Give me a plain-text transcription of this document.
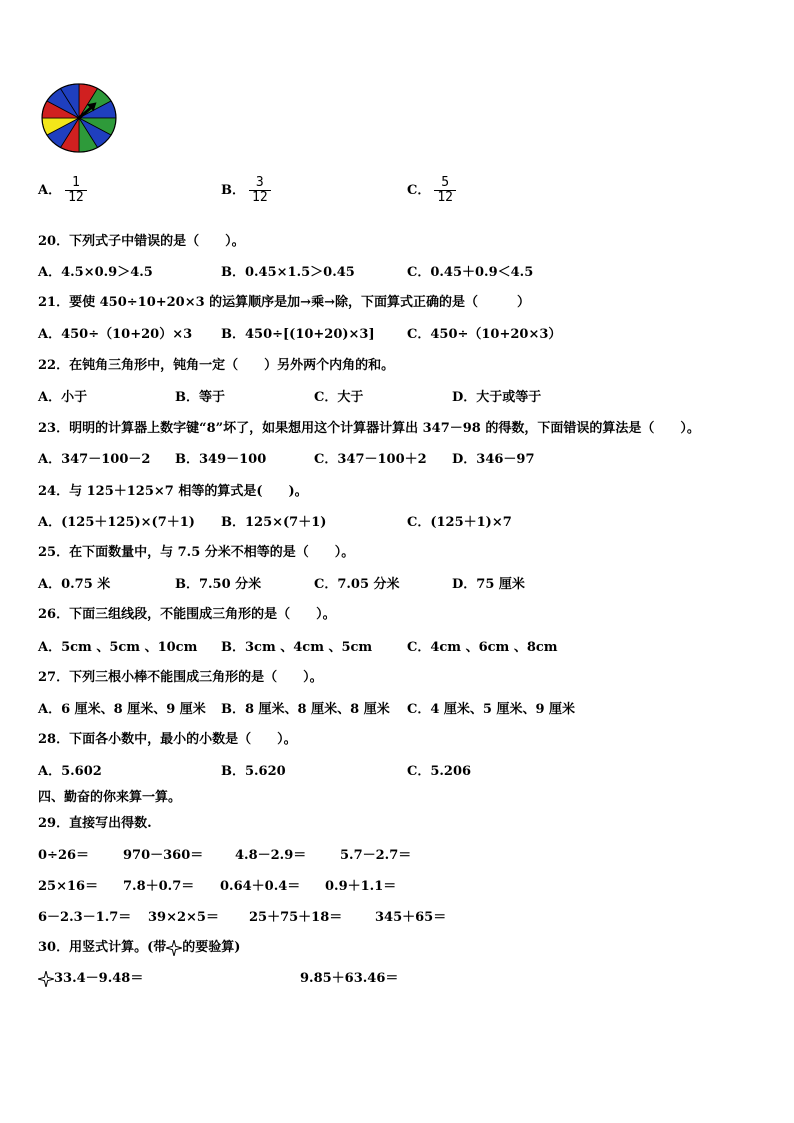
A． $\frac{1}{12}$	B． $\frac{3}{12}$	C． $\frac{5}{12}$
20．下列式子中错误的是（　　）。
A．4.5×0.9＞4.5	B．0.45×1.5＞0.45	C．0.45＋0.9＜4.5
21．要使 450÷10+20×3 的运算顺序是加→乘→除，下面算式正确的是（　　　）
A．450÷（10+20）×3 B．450÷[(10+20)×3] C．450÷（10+20×3）
22．在钝角三角形中，钝角一定（　　）另外两个内角的和。
A．小于	B．等于	C．大于	D．大于或等于
23．明明的计算器上数字键“8”坏了，如果想用这个计算器计算出 347－98 的得数，下面错误的算法是（　　）。
A．347－100－2 B．349－100	C．347－100＋2 D．346－97
24．与 125＋125×7 相等的算式是(　　)。
A．(125＋125)×(7＋1) B．125×(7＋1)	C．(125＋1)×7
25．在下面数量中，与 7.5 分米不相等的是（　　）。
A．0.75 米	B．7.50 分米	C．7.05 分米	D．75 厘米
26．下面三组线段，不能围成三角形的是（　　）。
A．5cm 、5cm 、10cm B．3cm 、4cm 、5cm	C．4cm 、6cm 、8cm
27．下列三根小棒不能围成三角形的是（　　）。
A．6 厘米、8 厘米、9 厘米 B．8 厘米、8 厘米、8 厘米 C．4 厘米、5 厘米、9 厘米
28．下面各小数中，最小的小数是（　　）。
A．5.602	B．5.620	C．5.206
四、勤奋的你来算一算。
29．直接写出得数.
0÷26＝	970－360＝ 4.8－2.9＝	5.7－2.7＝
25×16＝ 7.8＋0.7＝ 0.64＋0.4＝ 0.9＋1.1＝
6－2.3－1.7＝ 39×2×5＝ 25＋75＋18＝	345＋65＝
30．用竖式计算。(带 的要验算)
33.4－9.48＝	9.85＋63.46＝
